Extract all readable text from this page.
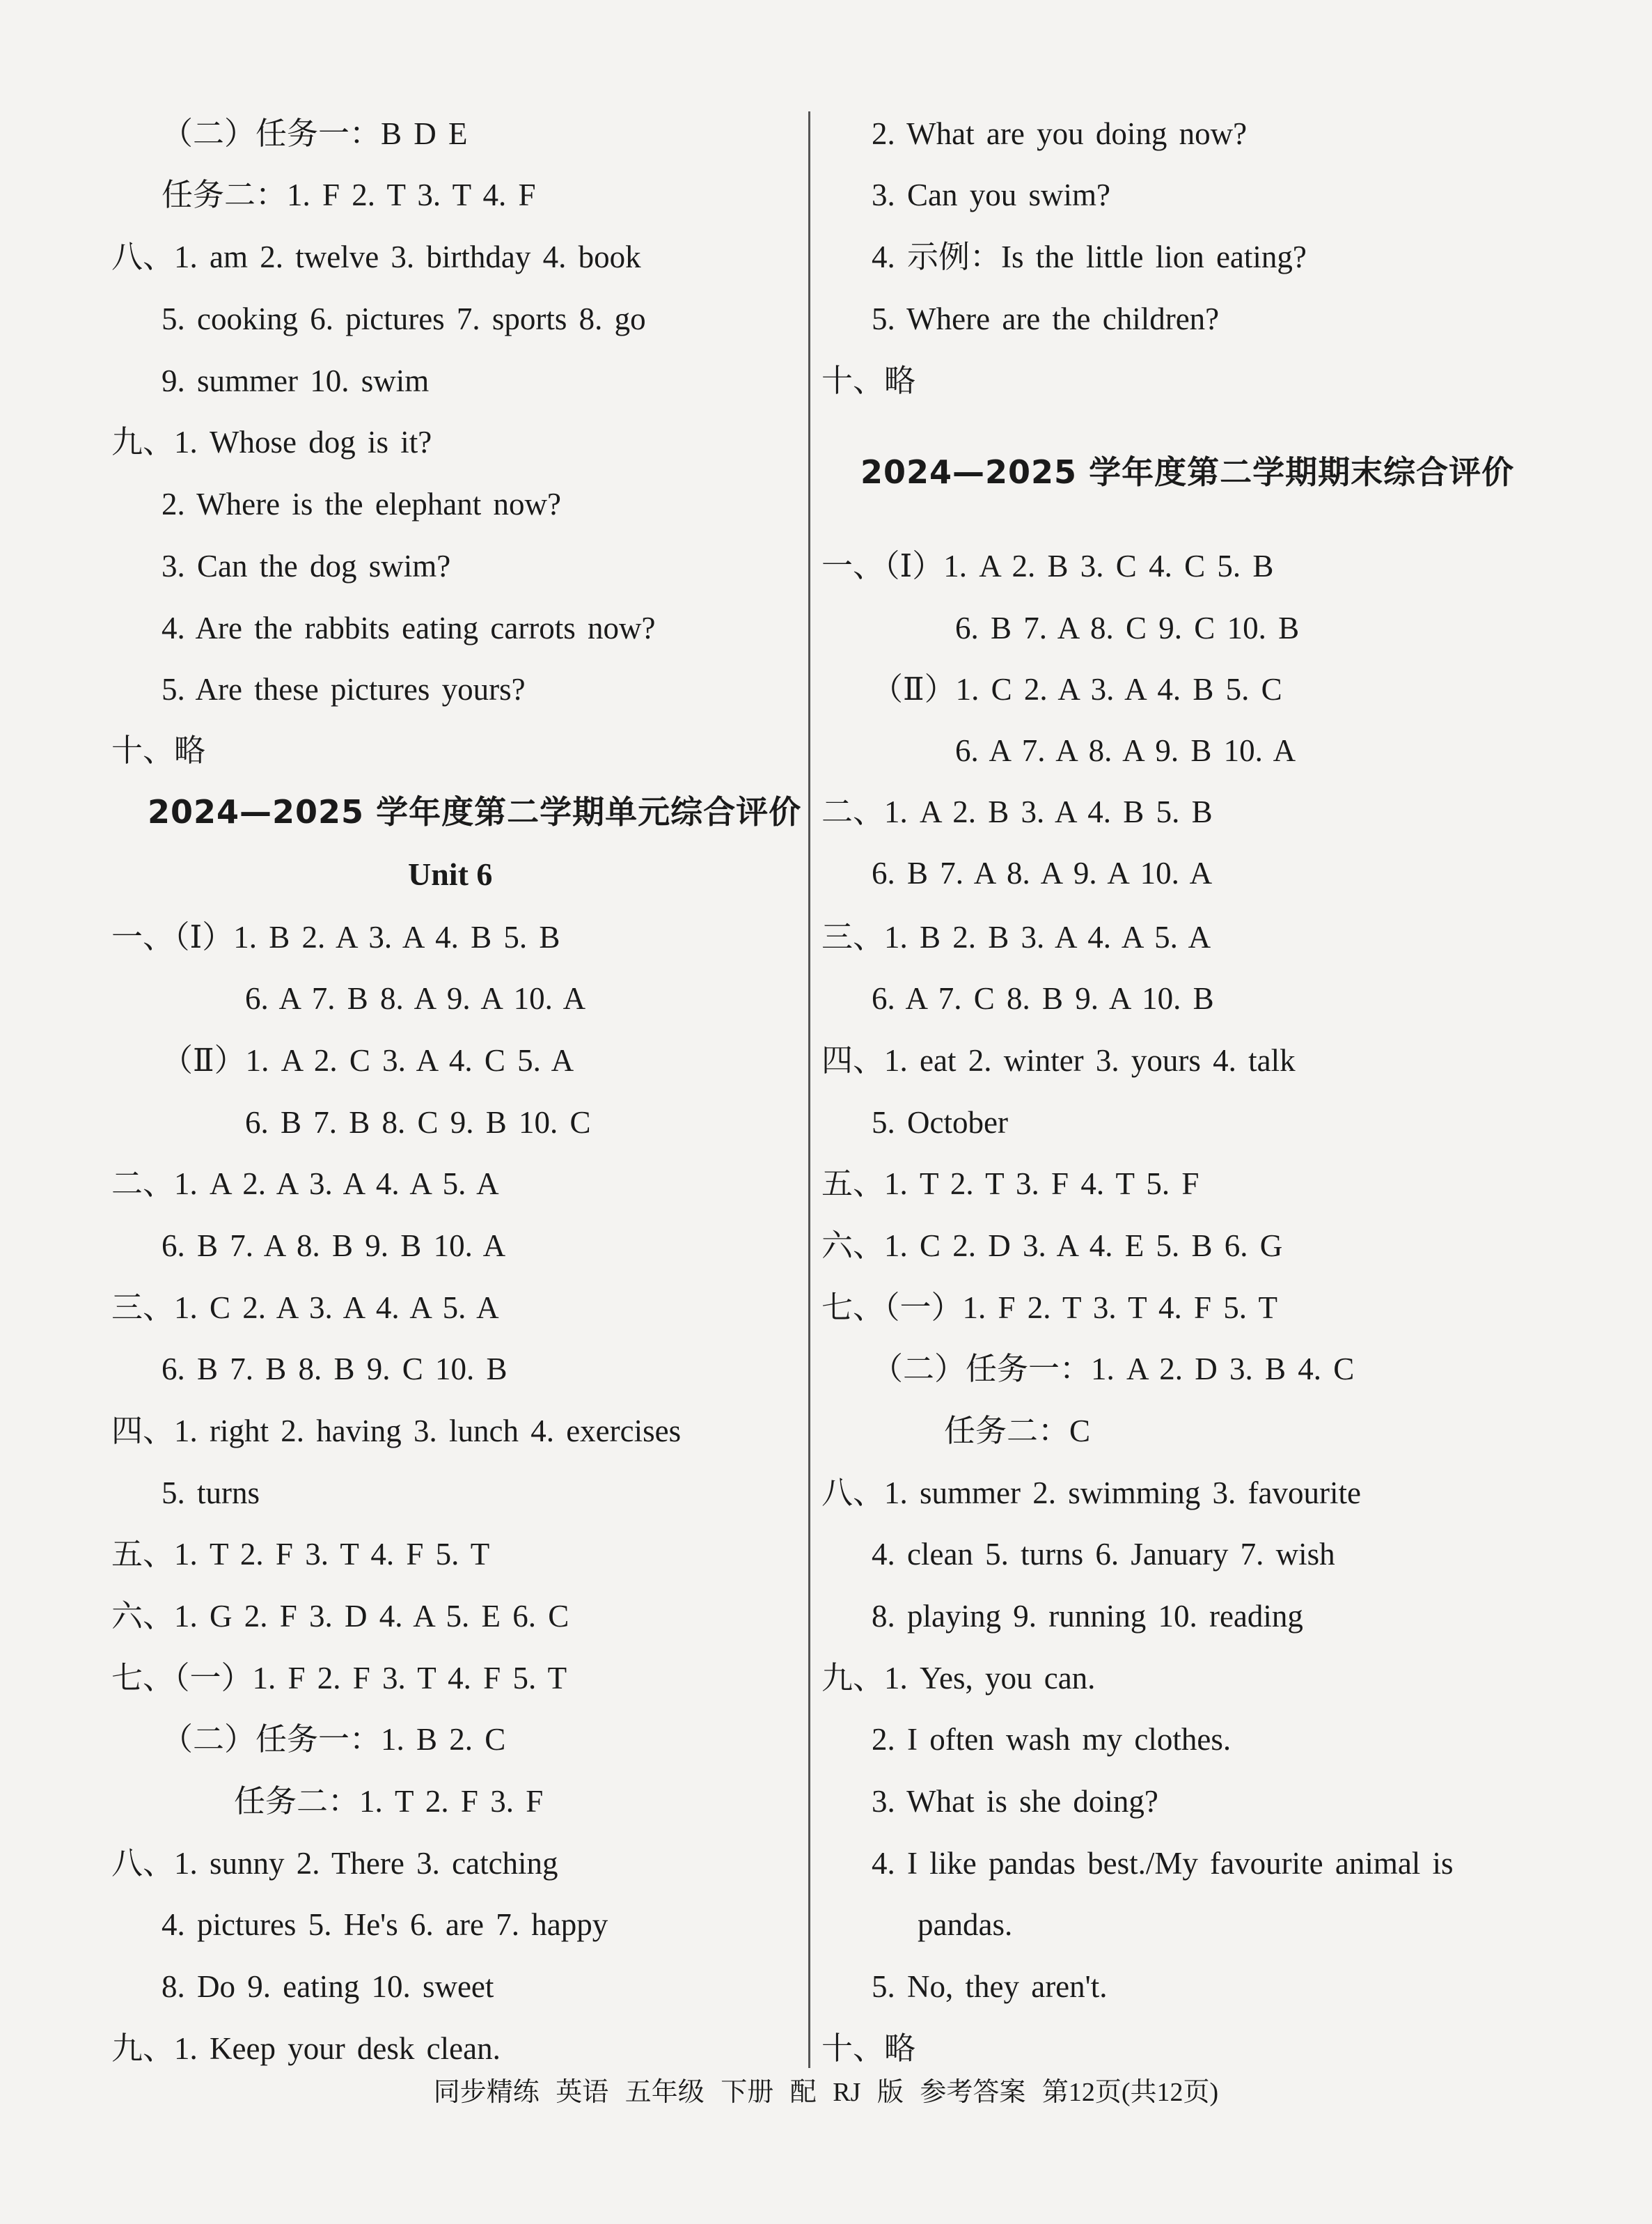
（二）任务一：B D E
任务二：1. F 2. T 3. T 4. F
八、1. am 2. twelve 3. birthday 4. book
5. cooking 6. pictures 7. sports 8. go
9. summer 10. swim
九、1. Whose dog is it?
2. Where is the elephant now?
3. Can the dog swim?
4. Are the rabbits eating carrots now?
5. Are these pictures yours?
十、略
2024—2025 学年度第二学期单元综合评价
Unit 6
一、（Ⅰ）1. B 2. A 3. A 4. B 5. B
6. A 7. B 8. A 9. A 10. A
（Ⅱ）1. A 2. C 3. A 4. C 5. A
6. B 7. B 8. C 9. B 10. C
二、1. A 2. A 3. A 4. A 5. A
6. B 7. A 8. B 9. B 10. A
三、1. C 2. A 3. A 4. A 5. A
6. B 7. B 8. B 9. C 10. B
四、1. right 2. having 3. lunch 4. exercises
5. turns
五、1. T 2. F 3. T 4. F 5. T
六、1. G 2. F 3. D 4. A 5. E 6. C
七、（一）1. F 2. F 3. T 4. F 5. T
（二）任务一：1. B 2. C
任务二：1. T 2. F 3. F
八、1. sunny 2. There 3. catching
4. pictures 5. He's 6. are 7. happy
8. Do 9. eating 10. sweet
九、1. Keep your desk clean.
2. What are you doing now?
3. Can you swim?
4. 示例：Is the little lion eating?
5. Where are the children?
十、略
2024—2025 学年度第二学期期末综合评价
一、（Ⅰ）1. A 2. B 3. C 4. C 5. B
6. B 7. A 8. C 9. C 10. B
（Ⅱ）1. C 2. A 3. A 4. B 5. C
6. A 7. A 8. A 9. B 10. A
二、1. A 2. B 3. A 4. B 5. B
6. B 7. A 8. A 9. A 10. A
三、1. B 2. B 3. A 4. A 5. A
6. A 7. C 8. B 9. A 10. B
四、1. eat 2. winter 3. yours 4. talk
5. October
五、1. T 2. T 3. F 4. T 5. F
六、1. C 2. D 3. A 4. E 5. B 6. G
七、（一）1. F 2. T 3. T 4. F 5. T
（二）任务一：1. A 2. D 3. B 4. C
任务二：C
八、1. summer 2. swimming 3. favourite
4. clean 5. turns 6. January 7. wish
8. playing 9. running 10. reading
九、1. Yes, you can.
2. I often wash my clothes.
3. What is she doing?
4. I like pandas best./My favourite animal is
pandas.
5. No, they aren't.
十、略
同步精练 英语 五年级 下册 配 RJ 版 参考答案 第12页(共12页)
